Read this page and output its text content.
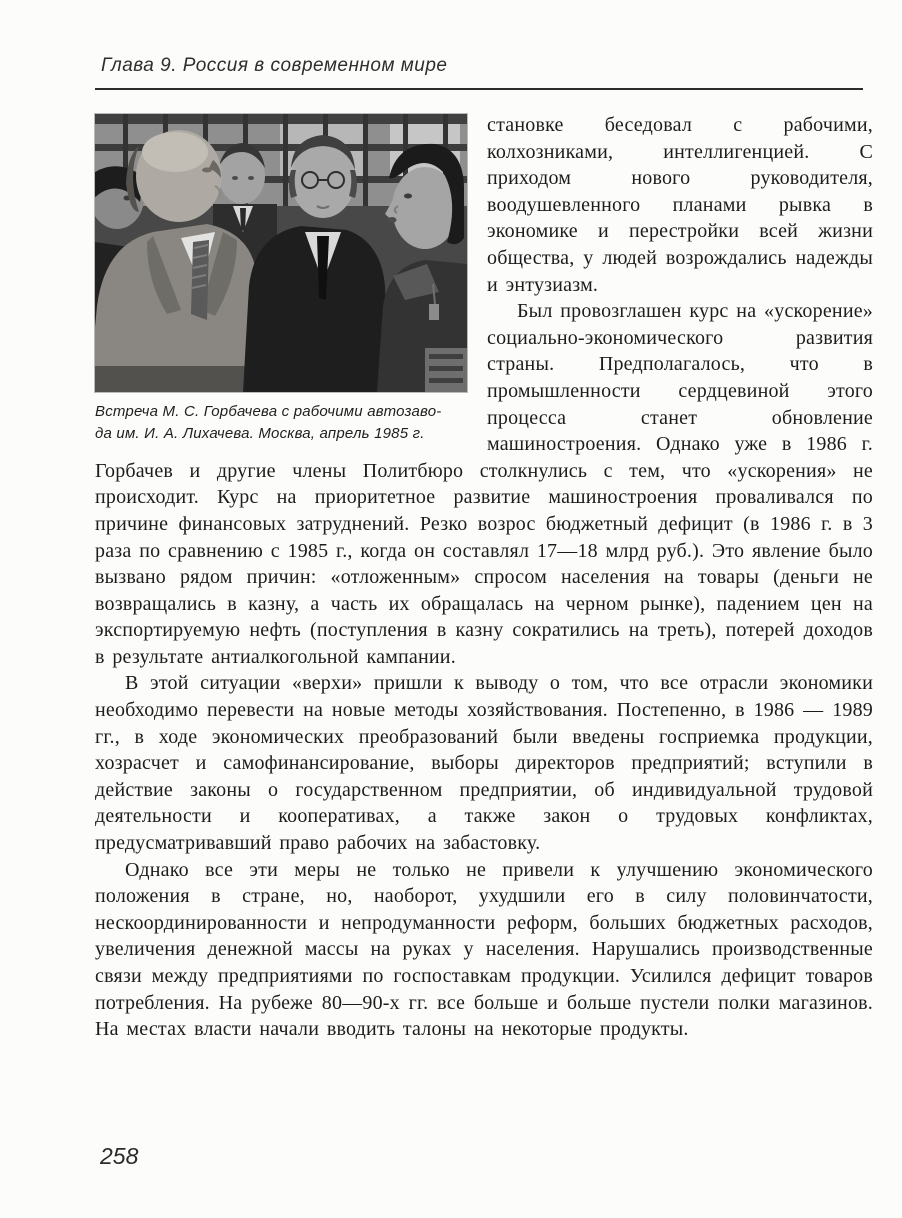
Глава 9. Россия в современном мире
Встреча М. С. Горбачева с рабочими автозаво-
да им. И. А. Лихачева. Москва, апрель 1985 г.

становке беседовал с рабочими, колхозниками, интеллигенцией. С приходом нового руководителя, воодушевленного планами рывка в экономике и перестройки всей жизни общества, у людей возрождались надежды и энтузиазм.

Был провозглашен курс на «ускорение» социально-экономического развития страны. Предполагалось, что в промышленности сердцевиной этого процесса станет обновление машиностроения. Однако уже в 1986 г. Горбачев и другие члены Политбюро столкнулись с тем, что «ускорения» не происходит. Курс на приоритетное развитие машиностроения проваливался по причине финансовых затруднений. Резко возрос бюджетный дефицит (в 1986 г. в 3 раза по сравнению с 1985 г., когда он составлял 17—18 млрд руб.). Это явление было вызвано рядом причин: «отложенным» спросом населения на товары (деньги не возвращались в казну, а часть их обращалась на черном рынке), падением цен на экспортируемую нефть (поступления в казну сократились на треть), потерей доходов в результате антиалкогольной кампании.

В этой ситуации «верхи» пришли к выводу о том, что все отрасли экономики необходимо перевести на новые методы хозяйствования. Постепенно, в 1986 — 1989 гг., в ходе экономических преобразований были введены госприемка продукции, хозрасчет и самофинансирование, выборы директоров предприятий; вступили в действие законы о государственном предприятии, об индивидуальной трудовой деятельности и кооперативах, а также закон о трудовых конфликтах, предусматривавший право рабочих на забастовку.

Однако все эти меры не только не привели к улучшению экономического положения в стране, но, наоборот, ухудшили его в силу половинчатости, нескоординированности и непродуманности реформ, больших бюджетных расходов, увеличения денежной массы на руках у населения. Нарушались производственные связи между предприятиями по госпоставкам продукции. Усилился дефицит товаров потребления. На рубеже 80—90-х гг. все больше и больше пустели полки магазинов. На местах власти начали вводить талоны на некоторые продукты.

258
